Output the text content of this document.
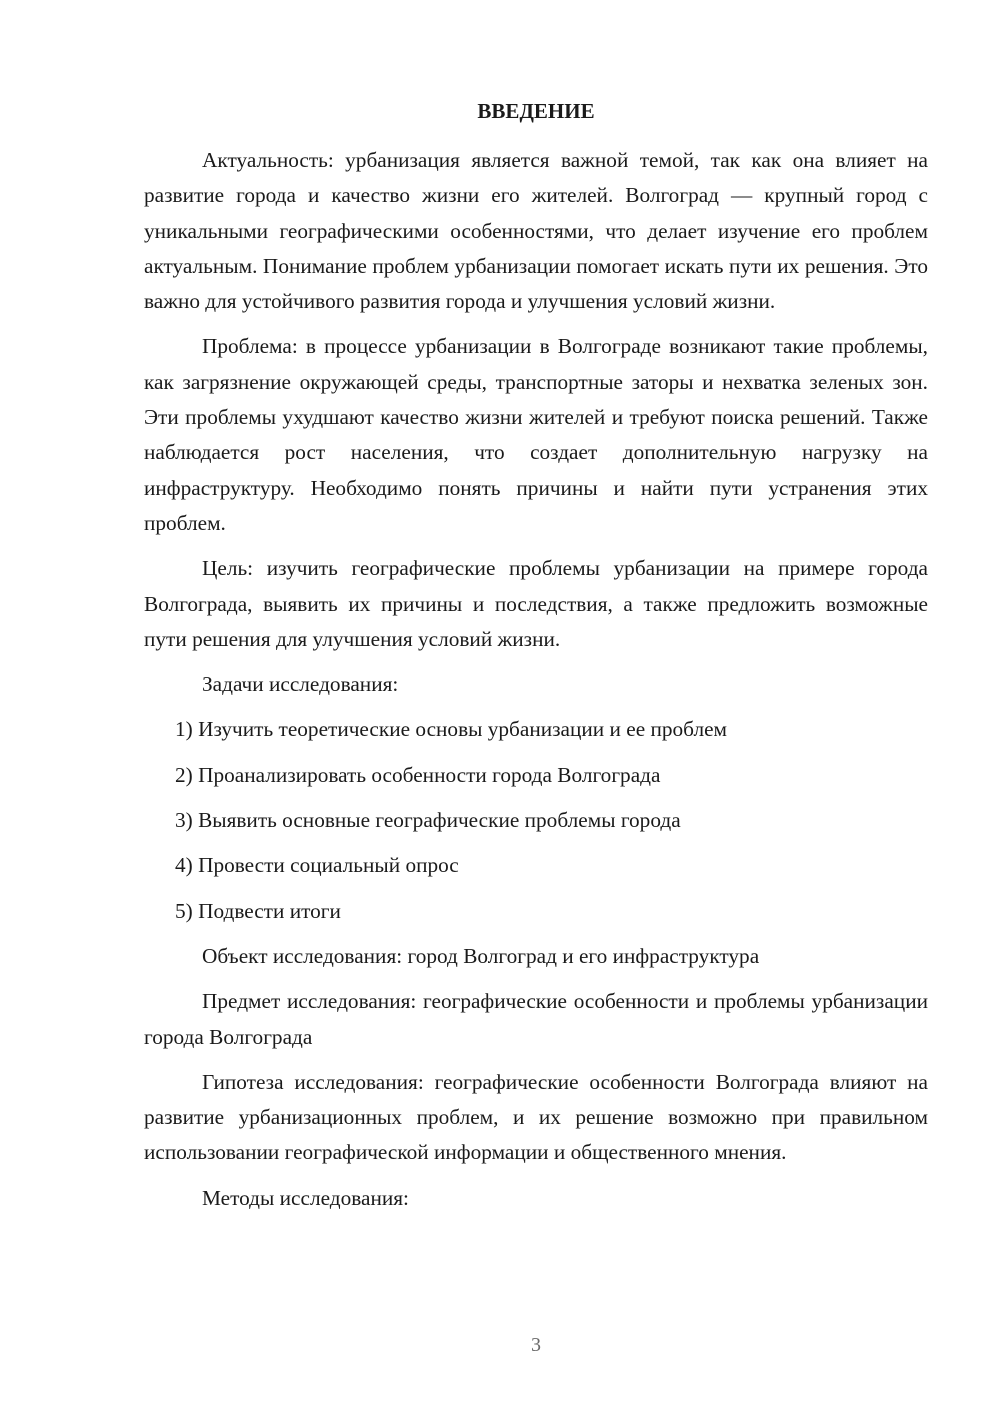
ВВЕДЕНИЕ

Актуальность: урбанизация является важной темой, так как она влияет на развитие города и качество жизни его жителей. Волгоград — крупный город с уникальными географическими особенностями, что делает изучение его проблем актуальным. Понимание проблем урбанизации помогает искать пути их решения. Это важно для устойчивого развития города и улучшения условий жизни.

Проблема: в процессе урбанизации в Волгограде возникают такие проблемы, как загрязнение окружающей среды, транспортные заторы и нехватка зеленых зон. Эти проблемы ухудшают качество жизни жителей и требуют поиска решений. Также наблюдается рост населения, что создает дополнительную нагрузку на инфраструктуру. Необходимо понять причины и найти пути устранения этих проблем.

Цель: изучить географические проблемы урбанизации на примере города Волгограда, выявить их причины и последствия, а также предложить возможные пути решения для улучшения условий жизни.

Задачи исследования:

1) Изучить теоретические основы урбанизации и ее проблем
2) Проанализировать особенности города Волгограда
3) Выявить основные географические проблемы города
4) Провести социальный опрос
5) Подвести итоги

Объект исследования: город Волгоград и его инфраструктура

Предмет исследования: географические особенности и проблемы урбанизации города Волгограда

Гипотеза исследования: географические особенности Волгограда влияют на развитие урбанизационных проблем, и их решение возможно при правильном использовании географической информации и общественного мнения.

Методы исследования:

3
